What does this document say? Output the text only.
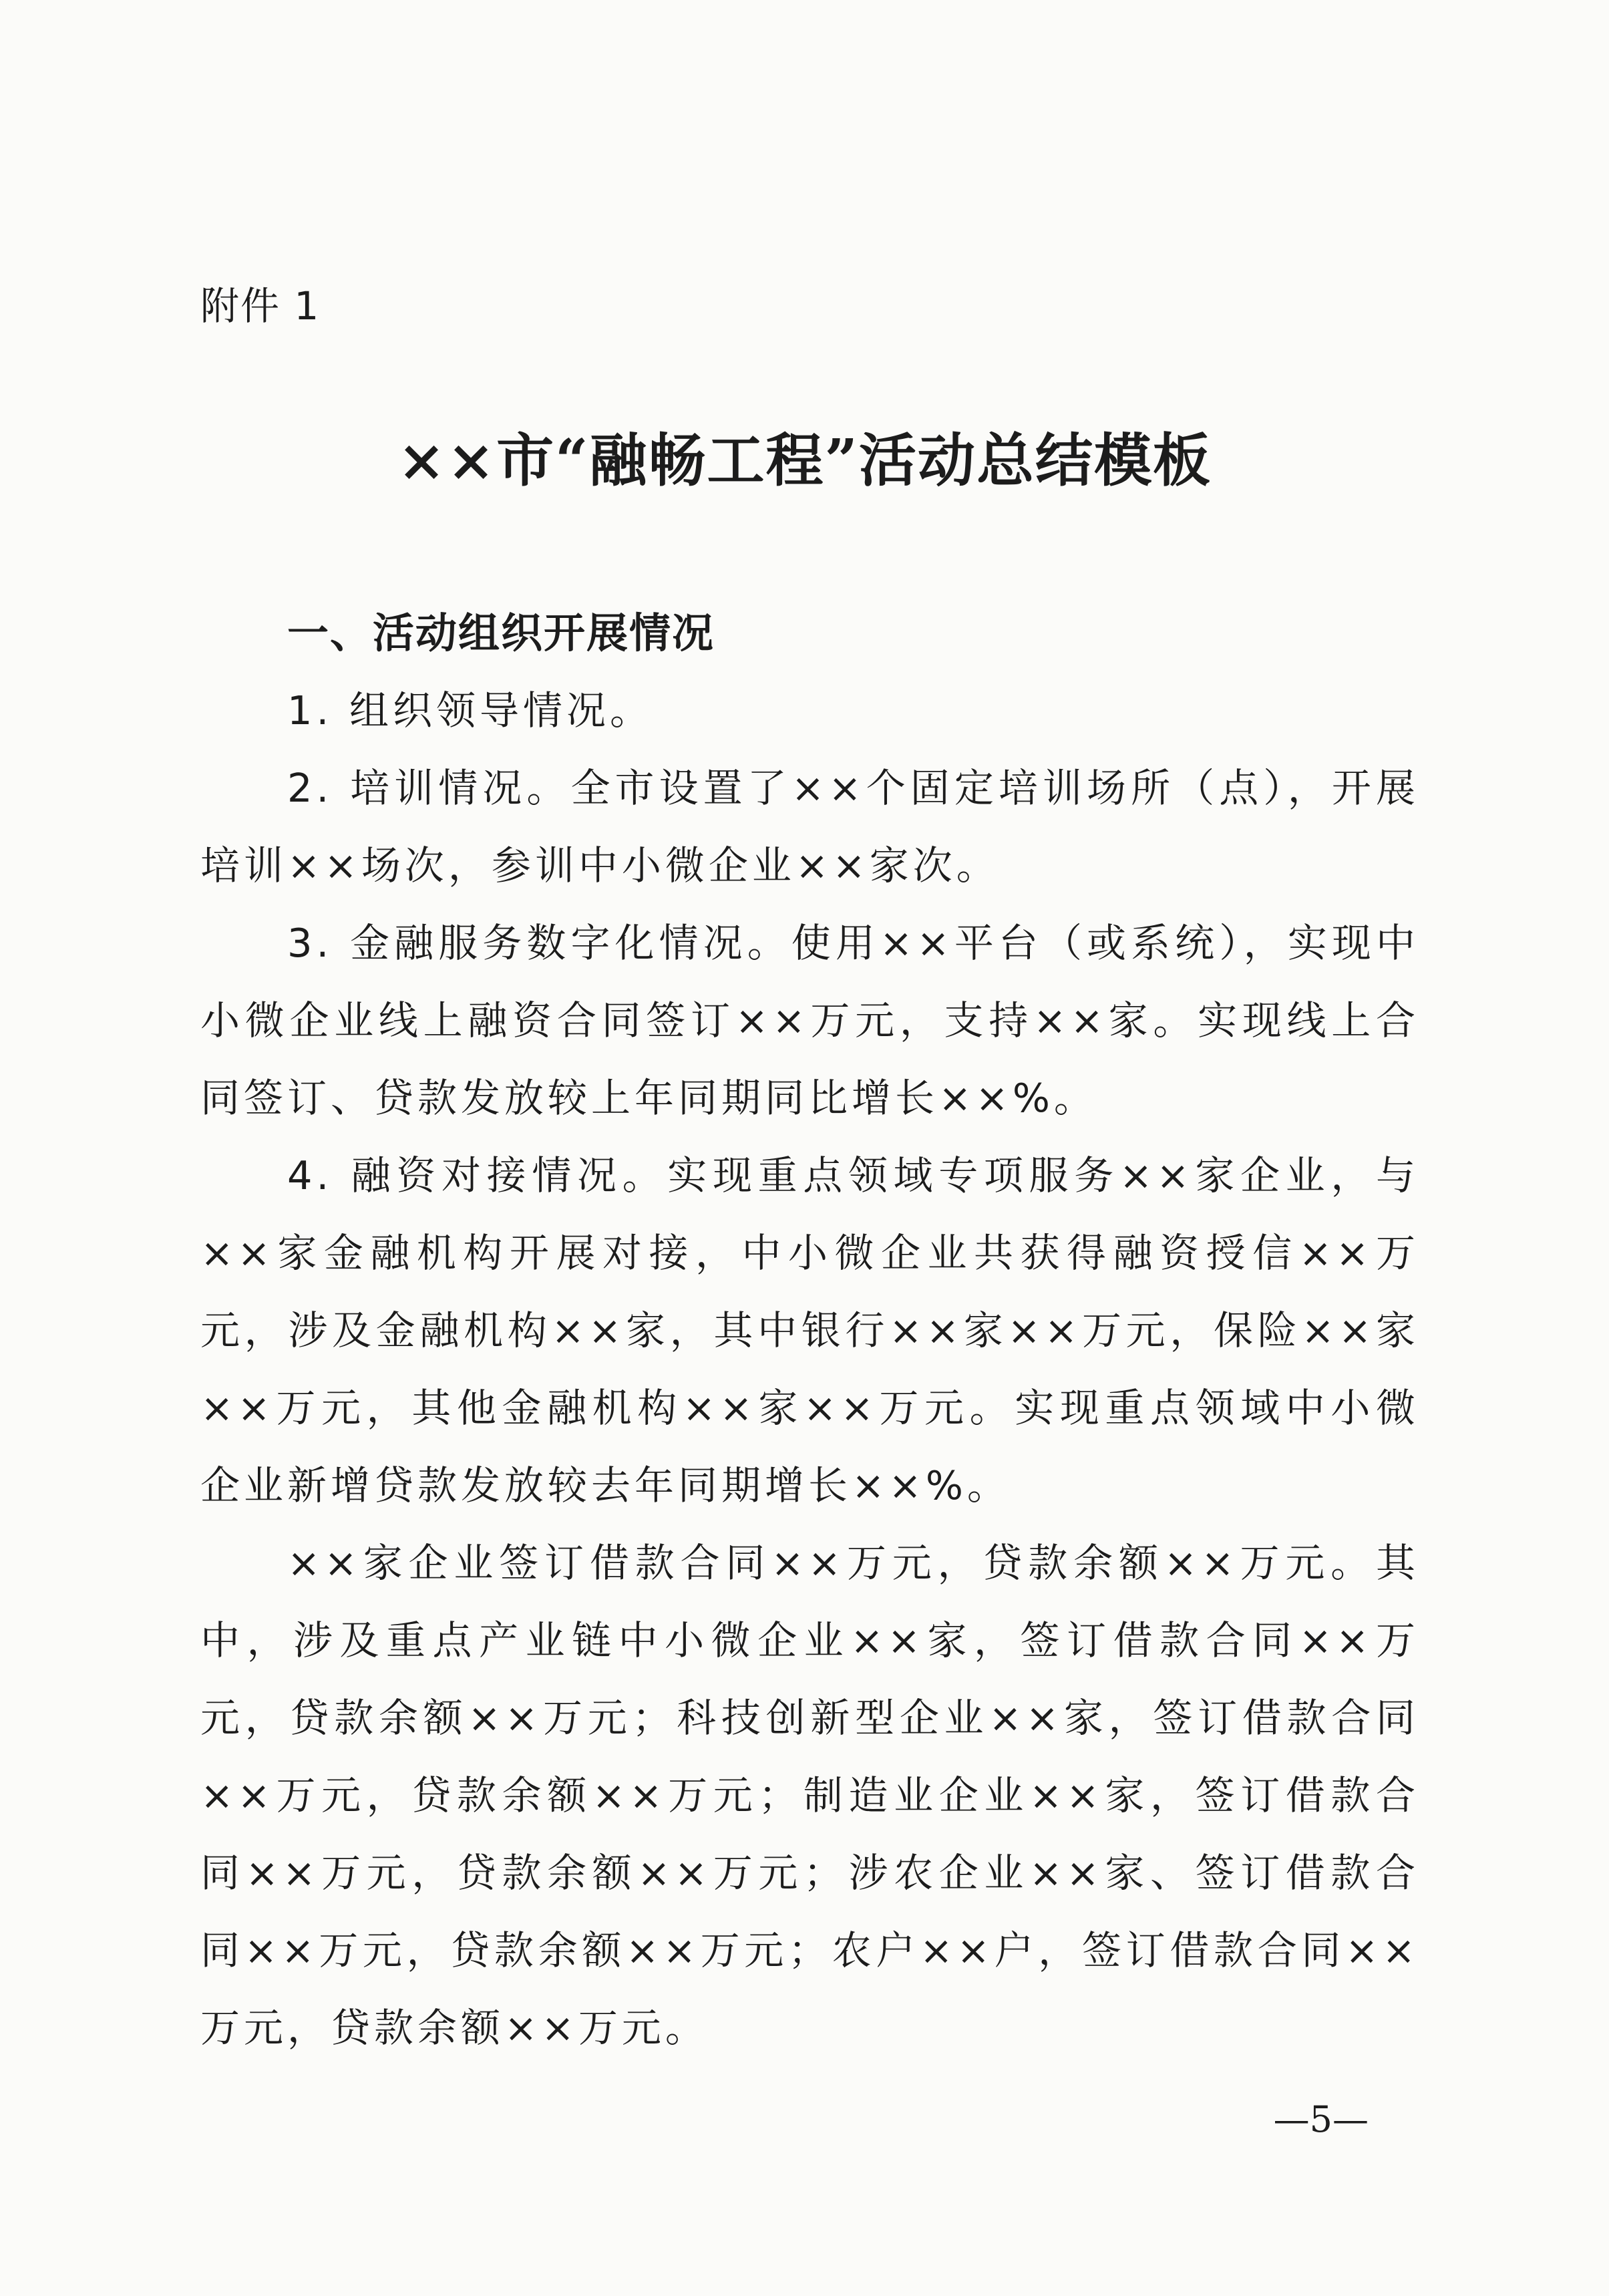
附件 1
××市“融畅工程”活动总结模板
一、活动组织开展情况

1. 组织领导情况。

2. 培训情况。全市设置了××个固定培训场所（点），开展培训××场次，参训中小微企业××家次。

3. 金融服务数字化情况。使用××平台（或系统），实现中小微企业线上融资合同签订××万元，支持××家。实现线上合同签订、贷款发放较上年同期同比增长××%。

4. 融资对接情况。实现重点领域专项服务××家企业，与××家金融机构开展对接，中小微企业共获得融资授信××万元，涉及金融机构××家，其中银行××家××万元，保险××家××万元，其他金融机构××家××万元。实现重点领域中小微企业新增贷款发放较去年同期增长××%。

××家企业签订借款合同××万元，贷款余额××万元。其中，涉及重点产业链中小微企业××家，签订借款合同××万元，贷款余额××万元；科技创新型企业××家，签订借款合同××万元，贷款余额××万元；制造业企业××家，签订借款合同××万元，贷款余额××万元；涉农企业××家、签订借款合同××万元，贷款余额××万元；农户××户，签订借款合同××万元，贷款余额××万元。

—5—
